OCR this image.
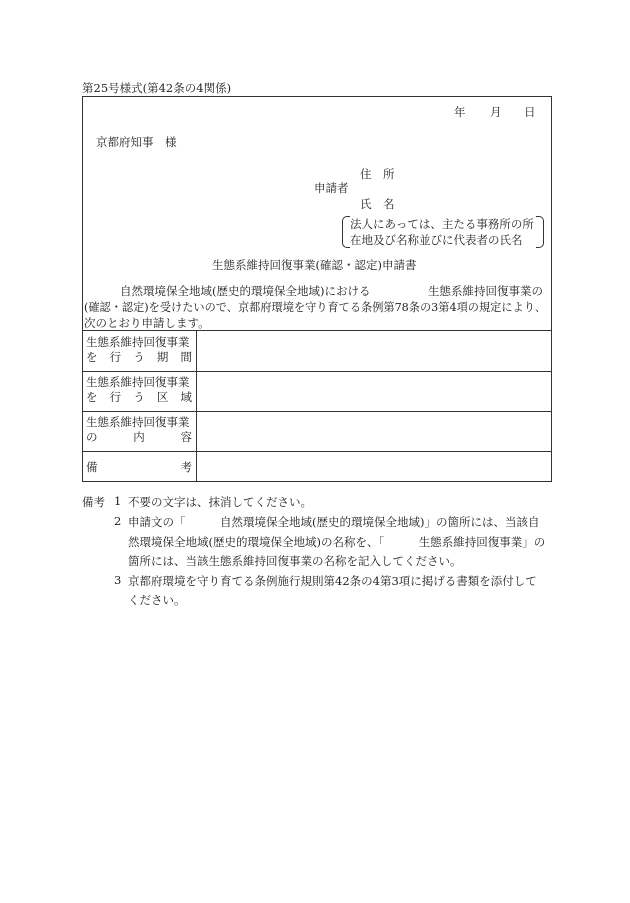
第25号様式(第42条の4関係)
年 月 日
京都府知事　様
住　所
申請者
氏　名
法人にあっては、主たる事務所の所
在地及び名称並びに代表者の氏名
生態系維持回復事業(確認・認定)申請書
自然環境保全地域(歴史的環境保全地域)における	生態系維持回復事業の
(確認・認定)を受けたいので、京都府環境を守り育てる条例第78条の3第4項の規定により、
次のとおり申請します。
生態系維持回復事業
を 行 う 期 間
生態系維持回復事業
を 行 う 区 域
生態系維持回復事業
の	内	容
備	考
備考 1 不要の文字は、抹消してください。
2 申請文の「　　　自然環境保全地域(歴史的環境保全地域)」の箇所には、当該自
然環境保全地域(歴史的環境保全地域)の名称を、「　　　生態系維持回復事業」の
箇所には、当該生態系維持回復事業の名称を記入してください。
3 京都府環境を守り育てる条例施行規則第42条の4第3項に掲げる書類を添付して
ください。
